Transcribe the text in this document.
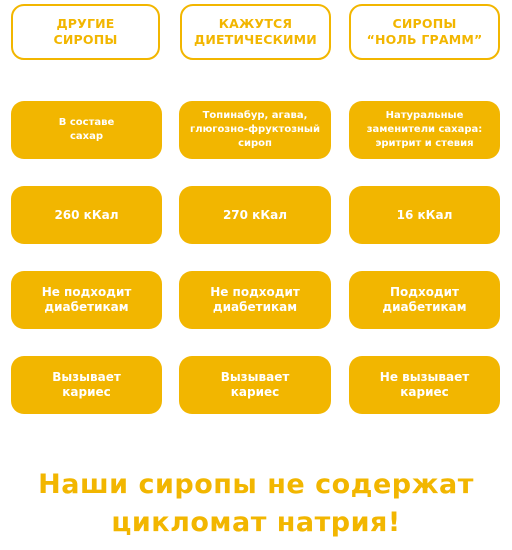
ДРУГИЕ
СИРОПЫ
КАЖУТСЯ
ДИЕТИЧЕСКИМИ
СИРОПЫ
“НОЛЬ ГРАММ”
В составе
сахар
Топинабур, агава,
глюгозно-фруктозный
сироп
Натуральные
заменители сахара:
эритрит и стевия
260 кКал	270 кКал	16 кКал
Не подходит
диабетикам
Не подходит
диабетикам
Подходит
диабетикам
Вызывает
кариес
Вызывает
кариес
Не вызывает
кариес
Наши сиропы не содержат
цикломат натрия!
